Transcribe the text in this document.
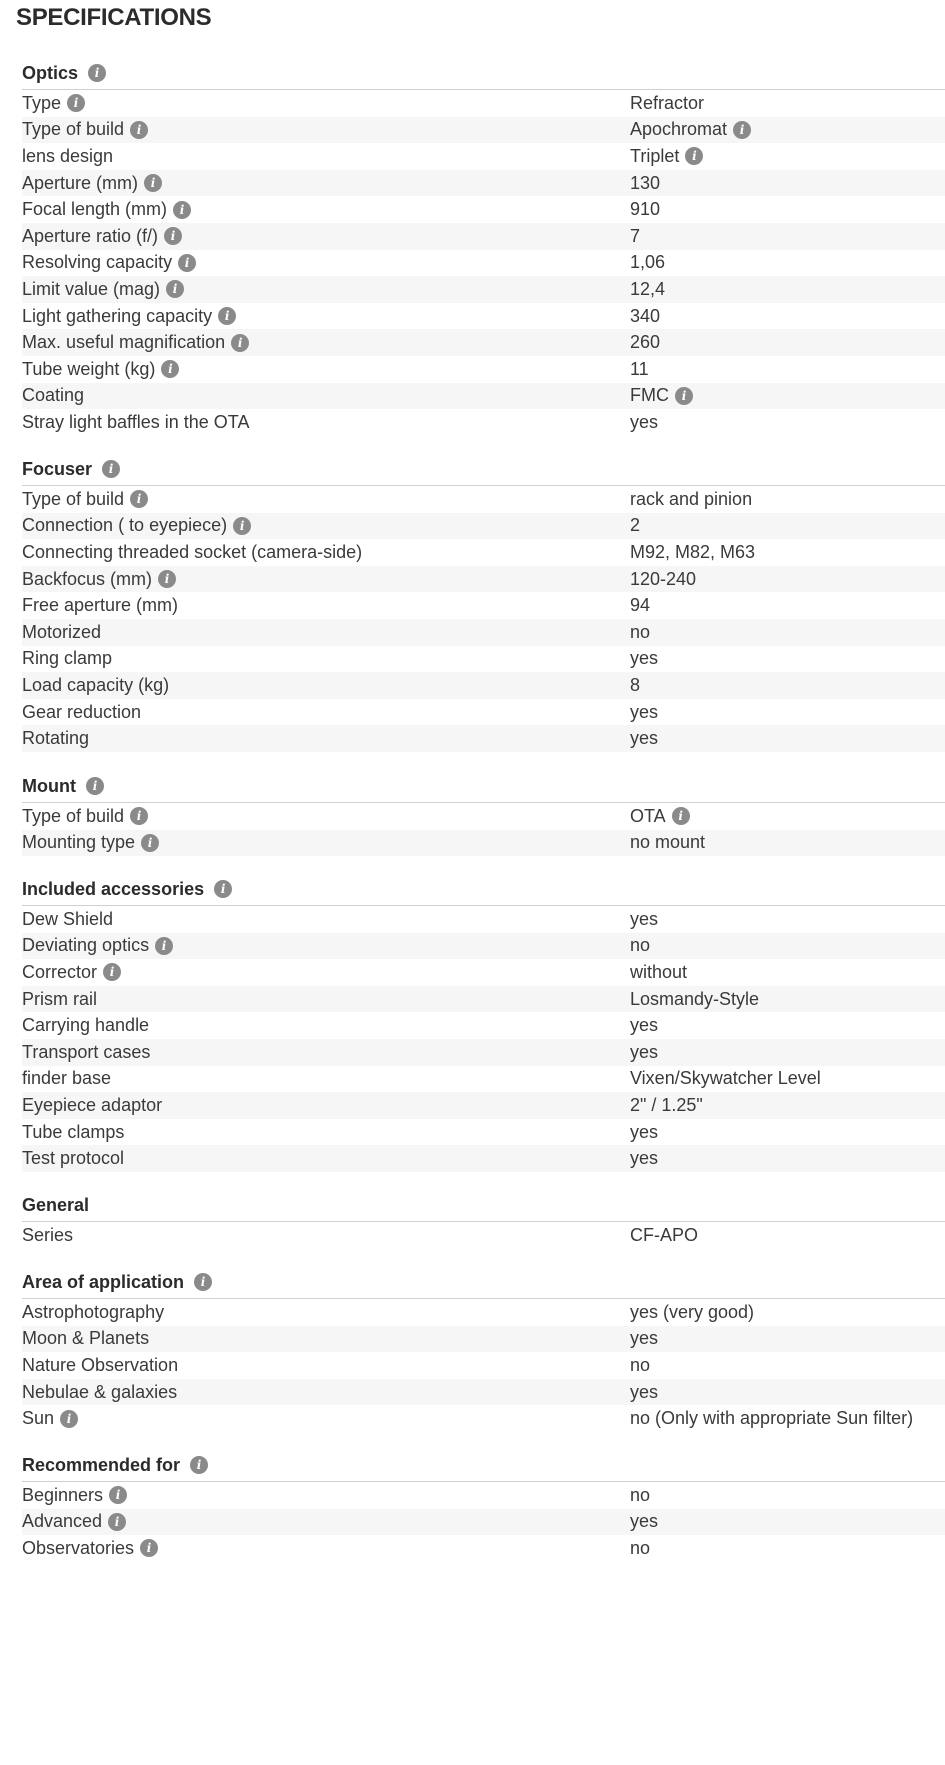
SPECIFICATIONS
Optics	i
Type	i	Refractor
Type of build	i	Apochromat	i
lens design	Triplet	i
Aperture (mm)	i	130
Focal length (mm)	i	910
Aperture ratio (f/)	i	7
Resolving capacity	i	1,06
Limit value (mag)	i	12,4
Light gathering capacity	i	340
Max. useful magnification	i	260
Tube weight (kg)	i	11
Coating	FMC	i
Stray light baffles in the OTA	yes
Focuser	i
Type of build	i	rack and pinion
Connection ( to eyepiece)	i	2
Connecting threaded socket (camera-side)	M92, M82, M63
Backfocus (mm)	i	120-240
Free aperture (mm)	94
Motorized	no
Ring clamp	yes
Load capacity (kg)	8
Gear reduction	yes
Rotating	yes
Mount	i
Type of build	i	OTA	i
Mounting type	i	no mount
Included accessories	i
Dew Shield	yes
Deviating optics	i	no
Corrector	i	without
Prism rail	Losmandy-Style
Carrying handle	yes
Transport cases	yes
finder base	Vixen/Skywatcher Level
Eyepiece adaptor	2" / 1.25"
Tube clamps	yes
Test protocol	yes
General
Series	CF-APO
Area of application	i
Astrophotography	yes (very good)
Moon & Planets	yes
Nature Observation	no
Nebulae & galaxies	yes
Sun	i	no (Only with appropriate Sun filter)
Recommended for	i
Beginners	i	no
Advanced	i	yes
Observatories	i	no
